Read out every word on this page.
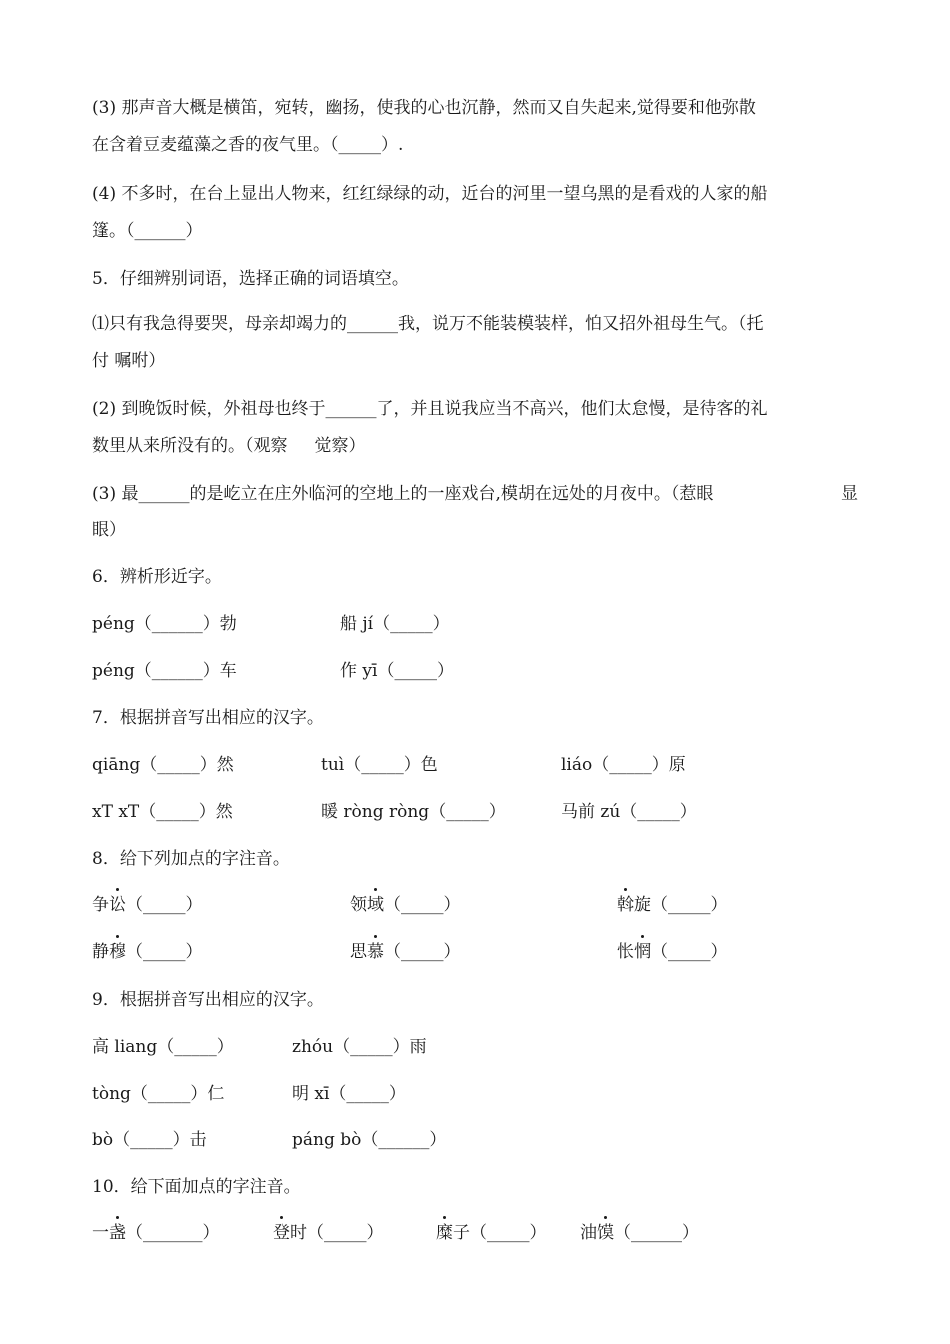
(3) 那声音大概是横笛，宛转，幽扬，使我的心也沉静，然而又自失起来,觉得要和他弥散
在含着豆麦蕴藻之香的夜气里。（_____）.
(4) 不多时，在台上显出人物来，红红绿绿的动，近台的河里一望乌黑的是看戏的人家的船
篷。（______）
5．仔细辨别词语，选择正确的词语填空。
⑴只有我急得要哭，母亲却竭力的______我，说万不能装模装样，怕又招外祖母生气。（托
付 嘱咐）
(2) 到晚饭时候，外祖母也终于______了，并且说我应当不高兴，他们太怠慢，是待客的礼
数里从来所没有的。（观察     觉察）
(3) 最______的是屹立在庄外临河的空地上的一座戏台,模胡在远处的月夜中。（惹眼	显
眼）
6．辨析形近字。
péng（______）勃	船 jí（_____）
péng（______）车	作 yī（_____）
7．根据拼音写出相应的汉字。
qiāng（_____）然	tuì（_____）色	liáo（_____）原
xT xT（_____）然	暖 ròng ròng（_____）	马前 zú（_____）
8．给下列加点的字注音。
争讼（_____）	领域（_____）	斡旋（_____）
静穆（_____）	思慕（_____）	怅惘（_____）
9．根据拼音写出相应的汉字。
高 liang（_____）	zhóu（_____）雨
tòng（_____）仁	明 xī（_____）
bò（_____）击	páng bò（______）
10．给下面加点的字注音。
一盏（_______）	登时（_____）	糜子（_____） 油馍（______）
